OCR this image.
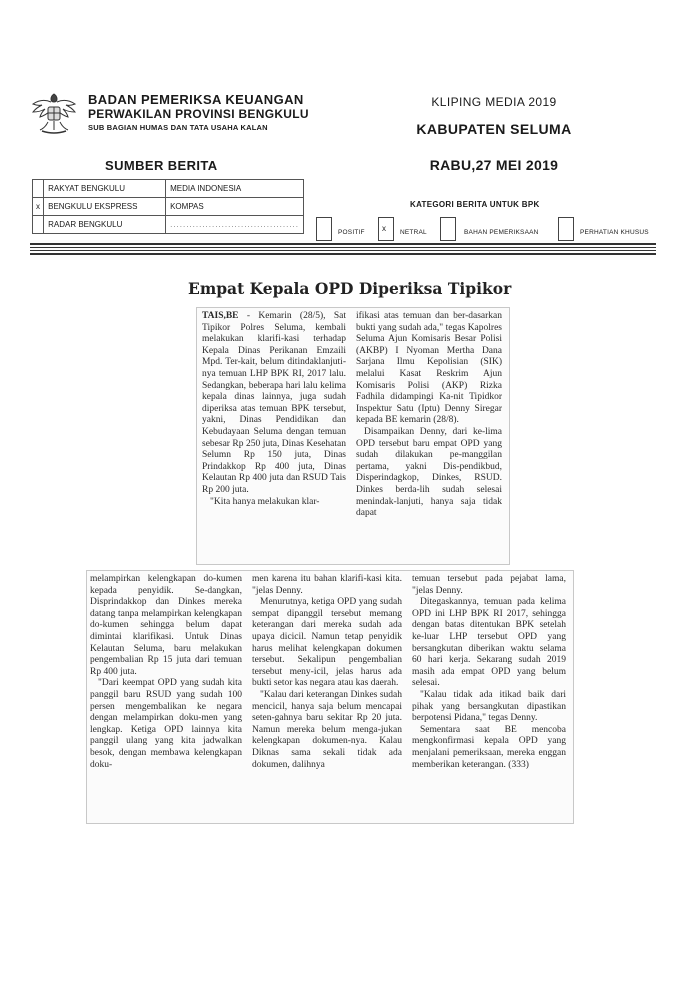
BADAN PEMERIKSA KEUANGAN
PERWAKILAN PROVINSI BENGKULU
SUB BAGIAN HUMAS DAN TATA USAHA KALAN
KLIPING MEDIA 2019
KABUPATEN SELUMA
SUMBER BERITA	RABU,27 MEI 2019
	RAKYAT BENGKULU	MEDIA INDONESIA
x	BENGKULU EKSPRESS	KOMPAS
	RADAR BENGKULU	........................................
KATEGORI BERITA UNTUK BPK
POSITIF x NETRAL	BAHAN PEMERIKSAAN	PERHATIAN KHUSUS
Empat Kepala OPD Diperiksa Tipikor

TAIS,BE - Kemarin (28/5), Sat Tipikor Polres Seluma, kembali melakukan klarifi-kasi terhadap Kepala Dinas Perikanan Emzaili Mpd. Ter-kait, belum ditindaklanjuti-nya temuan LHP BPK RI, 2017 lalu. Sedangkan, beberapa hari lalu kelima kepala dinas lainnya, juga sudah diperiksa atas temuan BPK tersebut, yakni, Dinas Pendidikan dan Kebudayaan Seluma dengan temuan sebesar Rp 250 juta, Dinas Kesehatan Selumn Rp 150 juta, Dinas Prindakkop Rp 400 juta, Dinas Kelautan Rp 400 juta dan RSUD Tais Rp 200 juta.

"Kita hanya melakukan klar-

ifikasi atas temuan dan ber-dasarkan bukti yang sudah ada," tegas Kapolres Seluma Ajun Komisaris Besar Polisi (AKBP) I Nyoman Mertha Dana Sarjana Ilmu Kepolisian (SIK) melalui Kasat Reskrim Ajun Komisaris Polisi (AKP) Rizka Fadhila didampingi Ka-nit Tipidkor Inspektur Satu (Iptu) Denny Siregar kepada BE kemarin (28/8).

Disampaikan Denny, dari ke-lima OPD tersebut baru empat OPD yang sudah dilakukan pe-manggilan pertama, yakni Dis-pendikbud, Disperindagkop, Dinkes, RSUD. Dinkes berda-lih sudah selesai menindak-lanjuti, hanya saja tidak dapat

melampirkan kelengkapan do-kumen kepada penyidik. Se-dangkan, Disprindakkop dan Dinkes mereka datang tanpa melampirkan kelengkapan do-kumen sehingga belum dapat dimintai klarifikasi. Untuk Dinas Kelautan Seluma, baru melakukan pengembalian Rp 15 juta dari temuan Rp 400 juta.

"Dari keempat OPD yang sudah kita panggil baru RSUD yang sudah 100 persen mengembalikan ke negara dengan melampirkan doku-men yang lengkap. Ketiga OPD lainnya kita panggil ulang yang kita jadwalkan besok, dengan membawa kelengkapan doku-

men karena itu bahan klarifi-kasi kita. "jelas Denny.

Menurutnya, ketiga OPD yang sudah sempat dipanggil tersebut memang keterangan dari mereka sudah ada upaya dicicil. Namun tetap penyidik harus melihat kelengkapan dokumen tersebut. Sekalipun pengembalian tersebut meny-icil, jelas harus ada bukti setor kas negara atau kas daerah.

"Kalau dari keterangan Dinkes sudah mencicil, hanya saja belum mencapai seten-gahnya baru sekitar Rp 20 juta. Namun mereka belum menga-jukan kelengkapan dokumen-nya. Kalau Diknas sama sekali tidak ada dokumen, dalihnya

temuan tersebut pada pejabat lama, "jelas Denny.

Ditegaskannya, temuan pada kelima OPD ini LHP BPK RI 2017, sehingga dengan batas ditentukan BPK setelah ke-luar LHP tersebut OPD yang bersangkutan diberikan waktu selama 60 hari kerja. Sekarang sudah 2019 masih ada empat OPD yang belum selesai.

"Kalau tidak ada itikad baik dari pihak yang bersangkutan dipastikan berpotensi Pidana," tegas Denny.

Sementara saat BE mencoba mengkonfirmasi kepala OPD yang menjalani pemeriksaan, mereka enggan memberikan keterangan. (333)
